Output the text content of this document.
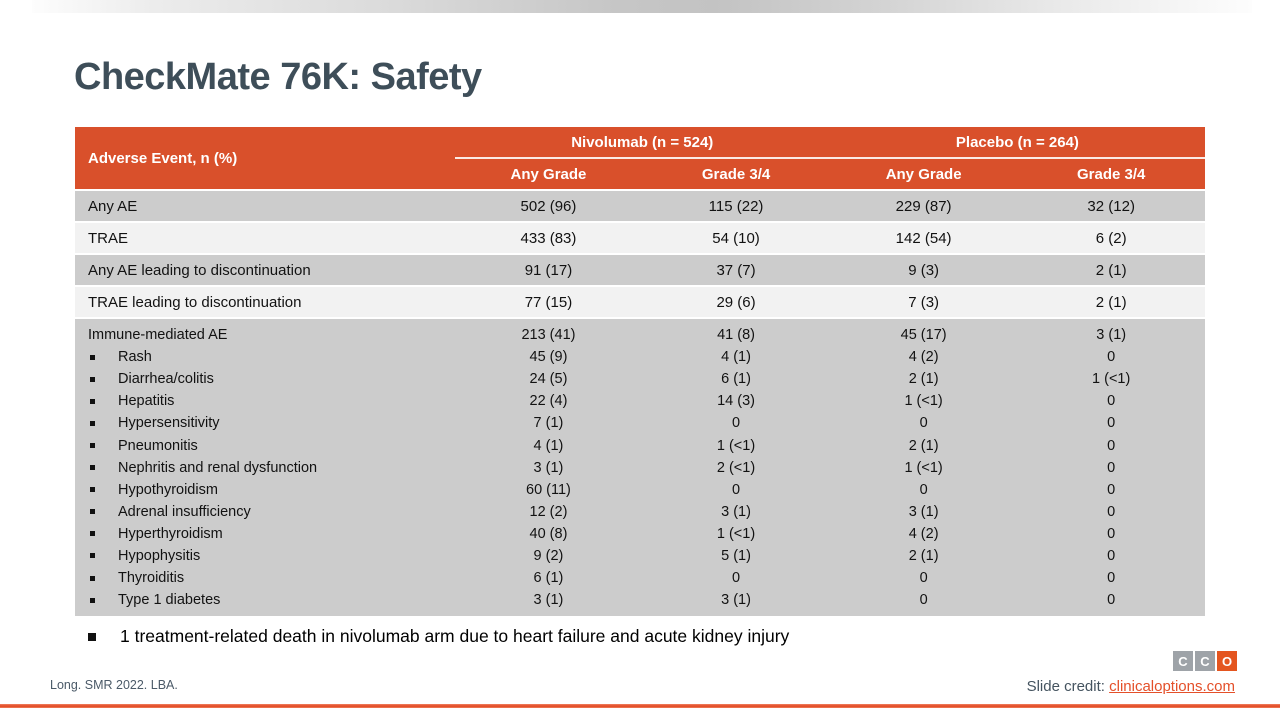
CheckMate 76K: Safety
Adverse Event, n (%)
Nivolumab (n = 524)	Placebo (n = 264)
Any Grade	Grade 3/4	Any Grade	Grade 3/4
Any AE	502 (96)	115 (22)	229 (87)	32 (12)
TRAE	433 (83)	54 (10)	142 (54)	6 (2)
Any AE leading to discontinuation	91 (17)	37 (7)	9 (3)	2 (1)
TRAE leading to discontinuation	77 (15)	29 (6)	7 (3)	2 (1)
Immune-mediated AE	213 (41)	41 (8)	45 (17)	3 (1)
Rash	45 (9)	4 (1)	4 (2)	0
Diarrhea/colitis	24 (5)	6 (1)	2 (1)	1 (<1)
Hepatitis	22 (4)	14 (3)	1 (<1)	0
Hypersensitivity	7 (1)	0	0	0
Pneumonitis	4 (1)	1 (<1)	2 (1)	0
Nephritis and renal dysfunction	3 (1)	2 (<1)	1 (<1)	0
Hypothyroidism	60 (11)	0	0	0
Adrenal insufficiency	12 (2)	3 (1)	3 (1)	0
Hyperthyroidism	40 (8)	1 (<1)	4 (2)	0
Hypophysitis	9 (2)	5 (1)	2 (1)	0
Thyroiditis	6 (1)	0	0	0
Type 1 diabetes	3 (1)	3 (1)	0	0
1 treatment-related death in nivolumab arm due to heart failure and acute kidney injury
Long. SMR 2022. LBA.
C C O
Slide credit: clinicaloptions.com
